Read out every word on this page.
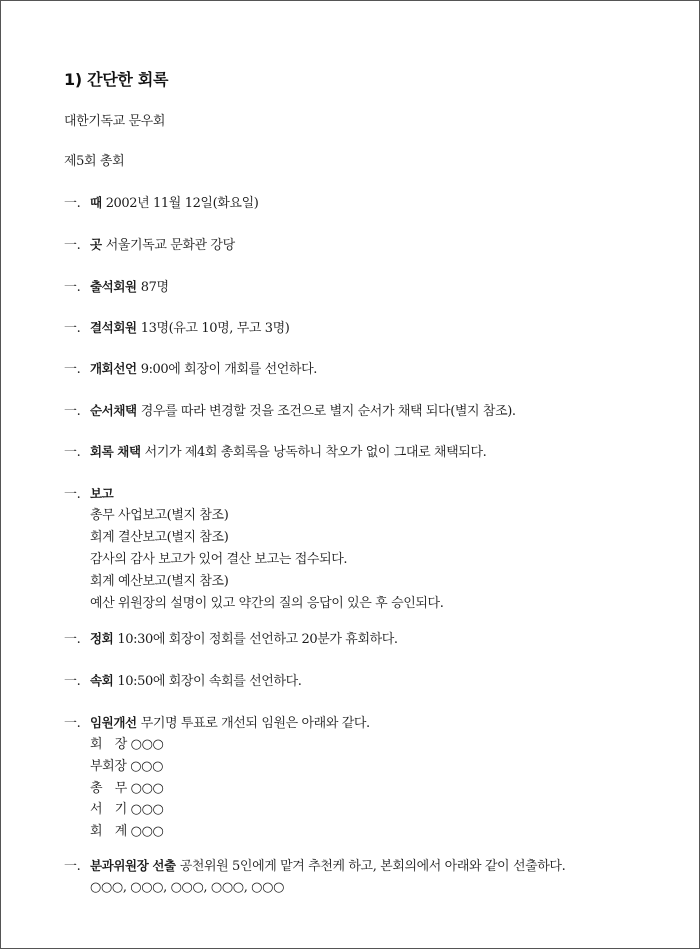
1) 간단한 회록
대한기독교 문우회
제5회 총회
一. 때 2002년 11월 12일(화요일)
一. 곳 서울기독교 문화관 강당
一. 출석회원 87명
一. 결석회원 13명(유고 10명, 무고 3명)
一. 개회선언 9:00에 회장이 개회를 선언하다.
一. 순서채택 경우를 따라 변경할 것을 조건으로 별지 순서가 채택 되다(별지 참조).
一. 회록 채택 서기가 제4회 총회록을 낭독하니 착오가 없이 그대로 채택되다.
一. 보고
총무 사업보고(별지 참조)
회계 결산보고(별지 참조)
감사의 감사 보고가 있어 결산 보고는 접수되다.
회계 예산보고(별지 참조)
예산 위원장의 설명이 있고 약간의 질의 응답이 있은 후 승인되다.
一. 정회 10:30에 회장이 정회를 선언하고 20분가 휴회하다.
一. 속회 10:50에 회장이 속회를 선언하다.
一. 임원개선 무기명 투표로 개선되 임원은 아래와 같다.
회　장 ○○○
부회장 ○○○
총　무 ○○○
서　기 ○○○
회　계 ○○○
一. 분과위원장 선출 공천위원 5인에게 맡겨 추천케 하고, 본회의에서 아래와 같이 선출하다.
○○○, ○○○, ○○○, ○○○, ○○○
